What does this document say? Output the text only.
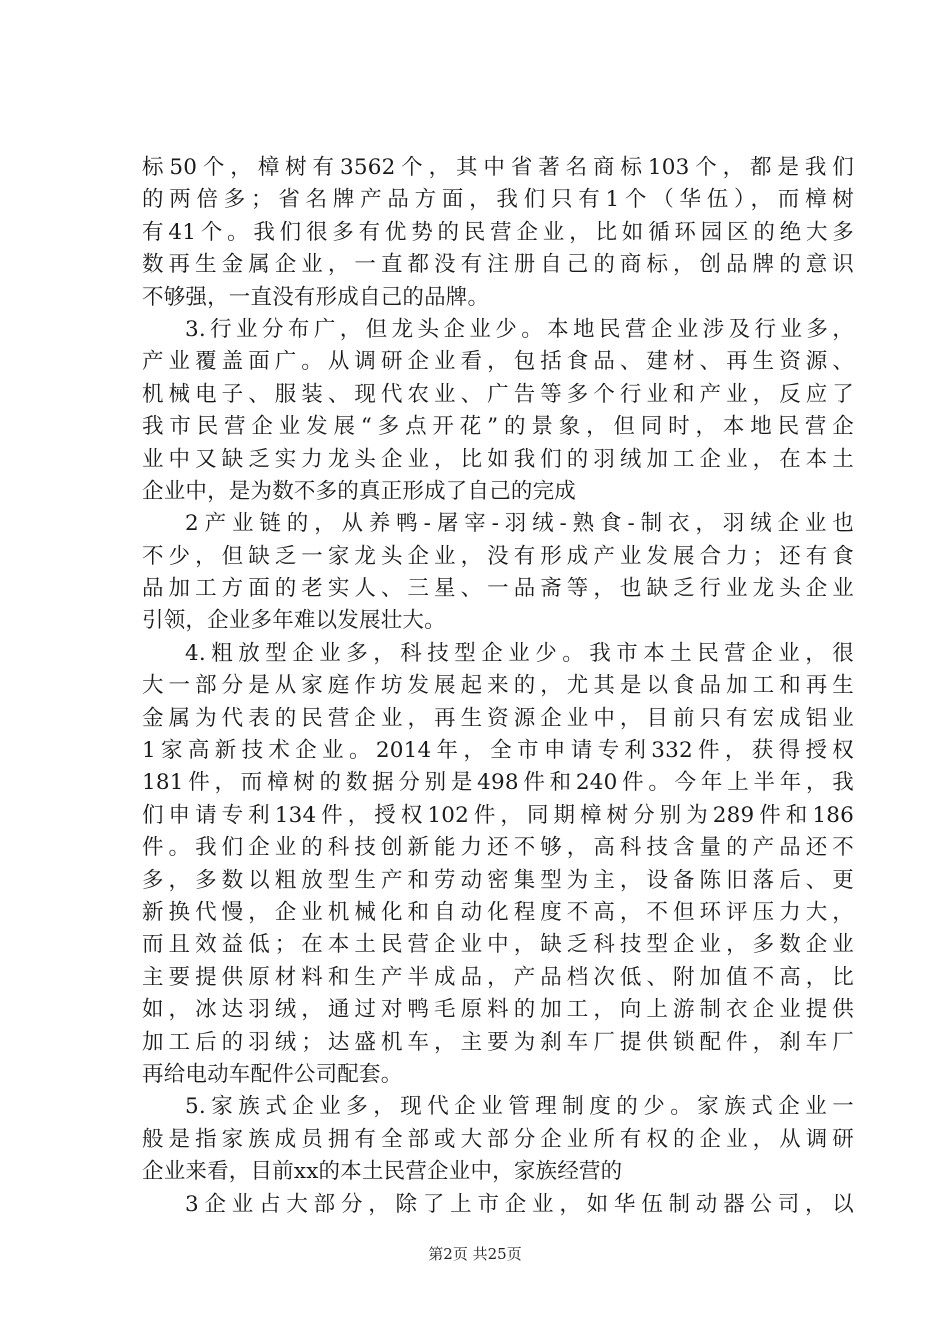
标50个，樟树有3562个，其中省著名商标103个，都是我们
的两倍多；省名牌产品方面，我们只有1个（华伍），而樟树
有41个。我们很多有优势的民营企业，比如循环园区的绝大多
数再生金属企业，一直都没有注册自己的商标，创品牌的意识
不够强，一直没有形成自己的品牌。
3.行业分布广，但龙头企业少。本地民营企业涉及行业多，
产业覆盖面广。从调研企业看，包括食品、建材、再生资源、
机械电子、服装、现代农业、广告等多个行业和产业，反应了
我市民营企业发展“多点开花”的景象，但同时，本地民营企
业中又缺乏实力龙头企业，比如我们的羽绒加工企业，在本土
企业中，是为数不多的真正形成了自己的完成
2产业链的，从养鸭-屠宰-羽绒-熟食-制衣，羽绒企业也
不少，但缺乏一家龙头企业，没有形成产业发展合力；还有食
品加工方面的老实人、三星、一品斋等，也缺乏行业龙头企业
引领，企业多年难以发展壮大。
4.粗放型企业多，科技型企业少。我市本土民营企业，很
大一部分是从家庭作坊发展起来的，尤其是以食品加工和再生
金属为代表的民营企业，再生资源企业中，目前只有宏成铝业
1家高新技术企业。2014年，全市申请专利332件，获得授权
181件，而樟树的数据分别是498件和240件。今年上半年，我
们申请专利134件，授权102件，同期樟树分别为289件和186
件。我们企业的科技创新能力还不够，高科技含量的产品还不
多，多数以粗放型生产和劳动密集型为主，设备陈旧落后、更
新换代慢，企业机械化和自动化程度不高，不但环评压力大，
而且效益低；在本土民营企业中，缺乏科技型企业，多数企业
主要提供原材料和生产半成品，产品档次低、附加值不高，比
如，冰达羽绒，通过对鸭毛原料的加工，向上游制衣企业提供
加工后的羽绒；达盛机车，主要为刹车厂提供锁配件，刹车厂
再给电动车配件公司配套。
5.家族式企业多，现代企业管理制度的少。家族式企业一
般是指家族成员拥有全部或大部分企业所有权的企业，从调研
企业来看，目前xx的本土民营企业中，家族经营的
3企业占大部分，除了上市企业，如华伍制动器公司，以
第2页 共25页
